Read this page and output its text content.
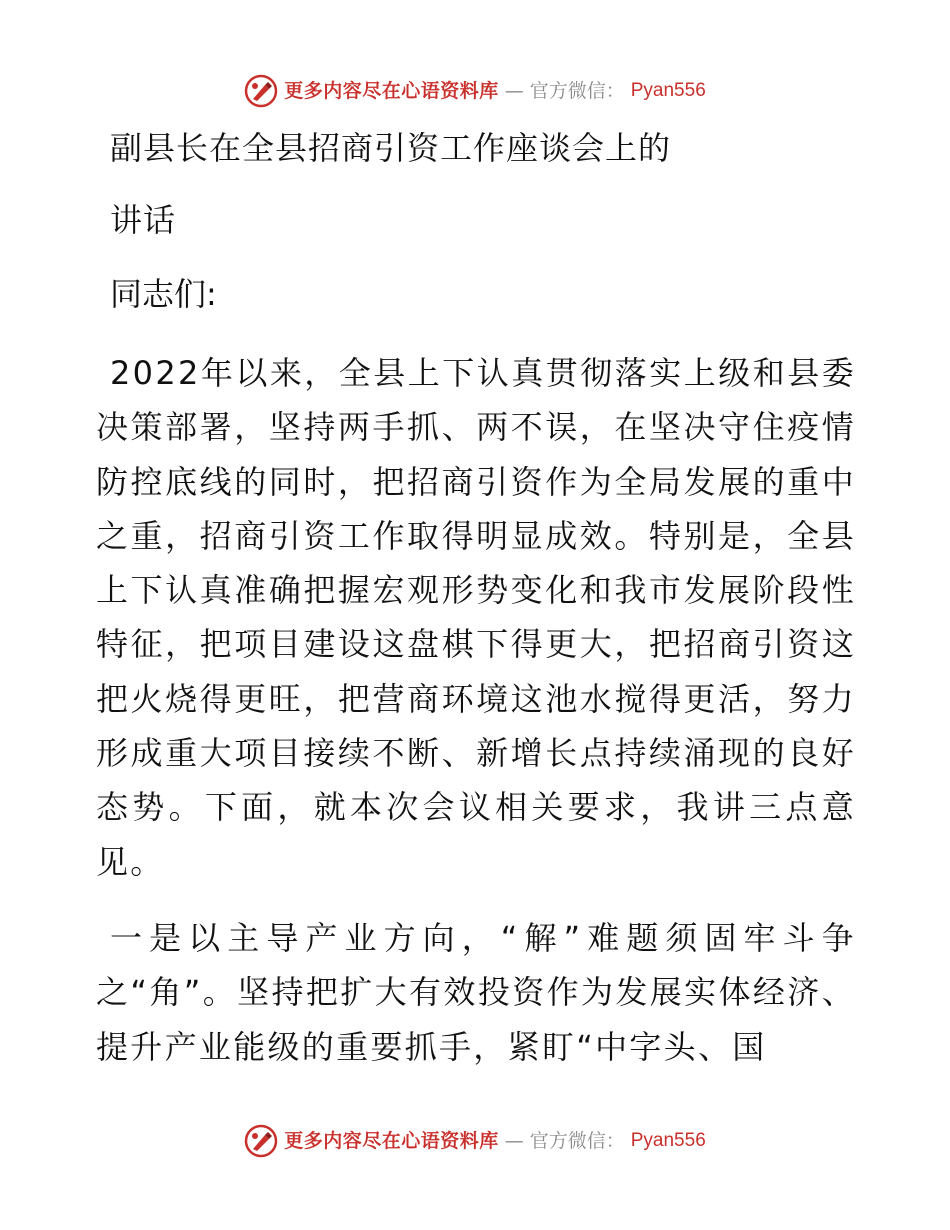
更多内容尽在心语资料库 — 官方微信： Pyan556

副县长在全县招商引资工作座谈会上的

讲话

同志们:

2022年以来，全县上下认真贯彻落实上级和县委决策部署，坚持两手抓、两不误，在坚决守住疫情防控底线的同时，把招商引资作为全局发展的重中之重，招商引资工作取得明显成效。特别是，全县上下认真准确把握宏观形势变化和我市发展阶段性特征，把项目建设这盘棋下得更大，把招商引资这把火烧得更旺，把营商环境这池水搅得更活，努力形成重大项目接续不断、新增长点持续涌现的良好态势。下面，就本次会议相关要求，我讲三点意见。

一是以主导产业方向，“解”难题须固牢斗争之“角”。坚持把扩大有效投资作为发展实体经济、提升产业能级的重要抓手，紧盯“中字头、国

更多内容尽在心语资料库 — 官方微信： Pyan556
